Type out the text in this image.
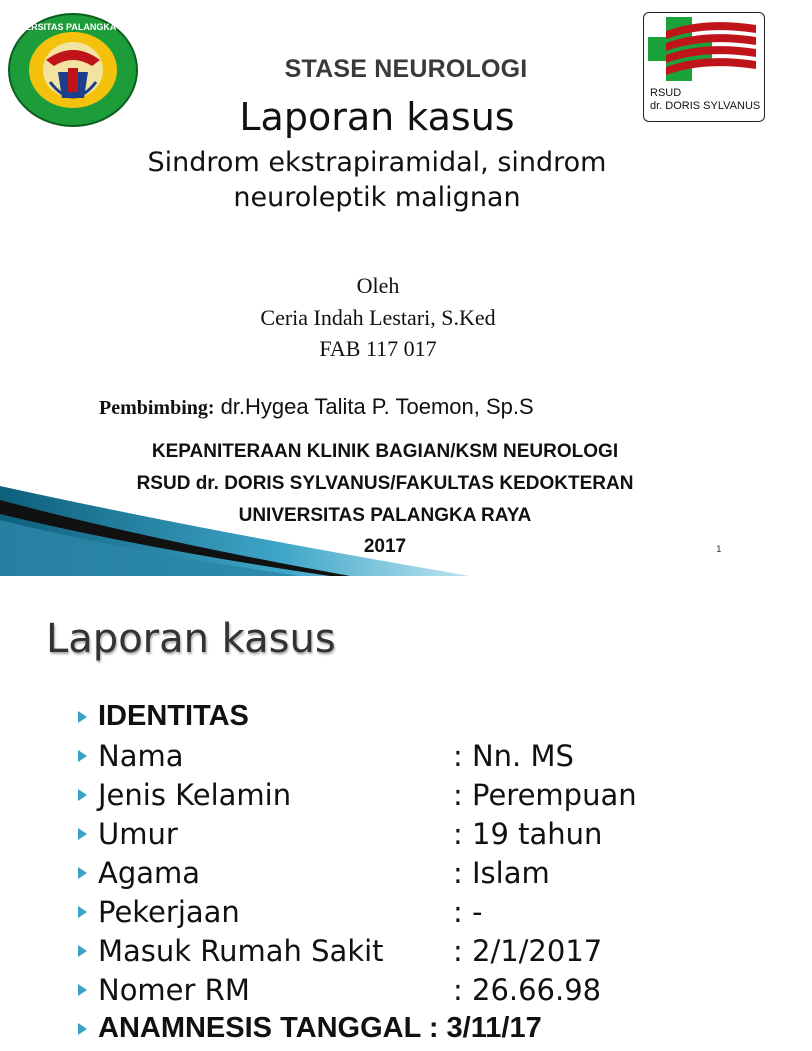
UNIVERSITAS PALANGKA RAYA
RSUD
dr. DORIS SYLVANUS
STASE NEUROLOGI
Laporan kasus
Sindrom ekstrapiramidal, sindrom
neuroleptik malignan
Oleh
Ceria Indah Lestari, S.Ked
FAB 117 017
Pembimbing: dr.Hygea Talita P. Toemon, Sp.S
KEPANITERAAN KLINIK BAGIAN/KSM NEUROLOGI
RSUD dr. DORIS SYLVANUS/FAKULTAS KEDOKTERAN
UNIVERSITAS PALANGKA RAYA
2017	1
Laporan kasus
IDENTITAS
Nama	: Nn. MS
Jenis Kelamin	: Perempuan
Umur	: 19 tahun
Agama	: Islam
Pekerjaan	: -
Masuk Rumah Sakit : 2/1/2017
Nomer RM	: 26.66.98
ANAMNESIS TANGGAL : 3/11/17
